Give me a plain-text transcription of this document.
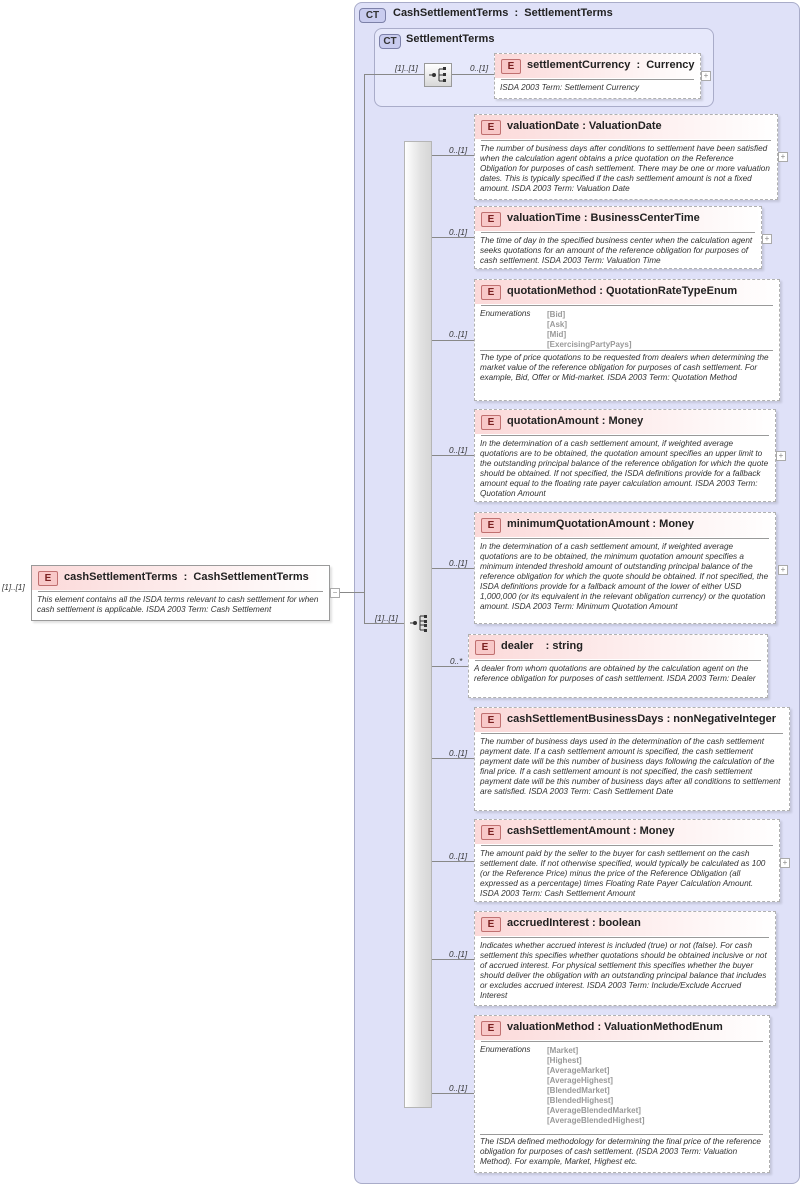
CT	CashSettlementTerms  :  SettlementTerms
CT SettlementTerms
[1]..[1]	0..[1]	E	settlementCurrency  :  Currency
ISDA 2003 Term: Settlement Currency
+
[1]..[1]
[1]..[1]
E	cashSettlementTerms  :  CashSettlementTerms
This element contains all the ISDA terms relevant to cash settlement for when cash settlement is applicable. ISDA 2003 Term: Cash Settlement
−
E	valuationDate : ValuationDate
The number of business days after conditions to settlement have been satisfied when the calculation agent obtains a price quotation on the Reference Obligation for purposes of cash settlement. There may be one or more valuation dates. This is typically specified if the cash settlement amount is not a fixed amount. ISDA 2003 Term: Valuation Date
0..[1]
+
E	valuationTime : BusinessCenterTime
The time of day in the specified business center when the calculation agent seeks quotations for an amount of the reference obligation for purposes of cash settlement. ISDA 2003 Term: Valuation Time
0..[1]
+
E	quotationMethod : QuotationRateTypeEnum
Enumerations [Bid]
[Ask]
[Mid]
[ExercisingPartyPays]
The type of price quotations to be requested from dealers when determining the market value of the reference obligation for purposes of cash settlement. For example, Bid, Offer or Mid-market. ISDA 2003 Term: Quotation Method
0..[1]
E	quotationAmount : Money
In the determination of a cash settlement amount, if weighted average quotations are to be obtained, the quotation amount specifies an upper limit to the outstanding principal balance of the reference obligation for which the quote should be obtained. If not specified, the ISDA definitions provide for a fallback amount equal to the floating rate payer calculation amount. ISDA 2003 Term: Quotation Amount
0..[1]
+
E	minimumQuotationAmount : Money
In the determination of a cash settlement amount, if weighted average quotations are to be obtained, the minimum quotation amount specifies a minimum intended threshold amount of outstanding principal balance of the reference obligation for which the quote should be obtained. If not specified, the ISDA definitions provide for a fallback amount of the lower of either USD 1,000,000 (or its equivalent in the relevant obligation currency) or the quotation amount. ISDA 2003 Term: Minimum Quotation Amount
0..[1]
+
E	dealer    : string
A dealer from whom quotations are obtained by the calculation agent on the reference obligation for purposes of cash settlement. ISDA 2003 Term: Dealer
0..*
E	cashSettlementBusinessDays : nonNegativeInteger
The number of business days used in the determination of the cash settlement payment date. If a cash settlement amount is specified, the cash settlement payment date will be this number of business days following the calculation of the final price. If a cash settlement amount is not specified, the cash settlement payment date will be this number of business days after all conditions to settlement are satisfied. ISDA 2003 Term: Cash Settlement Date
0..[1]
E	cashSettlementAmount : Money
The amount paid by the seller to the buyer for cash settlement on the cash settlement date. If not otherwise specified, would typically be calculated as 100 (or the Reference Price) minus the price of the Reference Obligation (all expressed as a percentage) times Floating Rate Payer Calculation Amount. ISDA 2003 Term: Cash Settlement Amount
0..[1]
+
E	accruedInterest : boolean
Indicates whether accrued interest is included (true) or not (false). For cash settlement this specifies whether quotations should be obtained inclusive or not of accrued interest. For physical settlement this specifies whether the buyer should deliver the obligation with an outstanding principal balance that includes or excludes accrued interest. ISDA 2003 Term: Include/Exclude Accrued Interest
0..[1]
E	valuationMethod : ValuationMethodEnum
Enumerations [Market]
[Highest]
[AverageMarket]
[AverageHighest]
[BlendedMarket]
[BlendedHighest]
[AverageBlendedMarket]
[AverageBlendedHighest]
The ISDA defined methodology for determining the final price of the reference obligation for purposes of cash settlement. (ISDA 2003 Term: Valuation Method). For example, Market, Highest etc.
0..[1]
